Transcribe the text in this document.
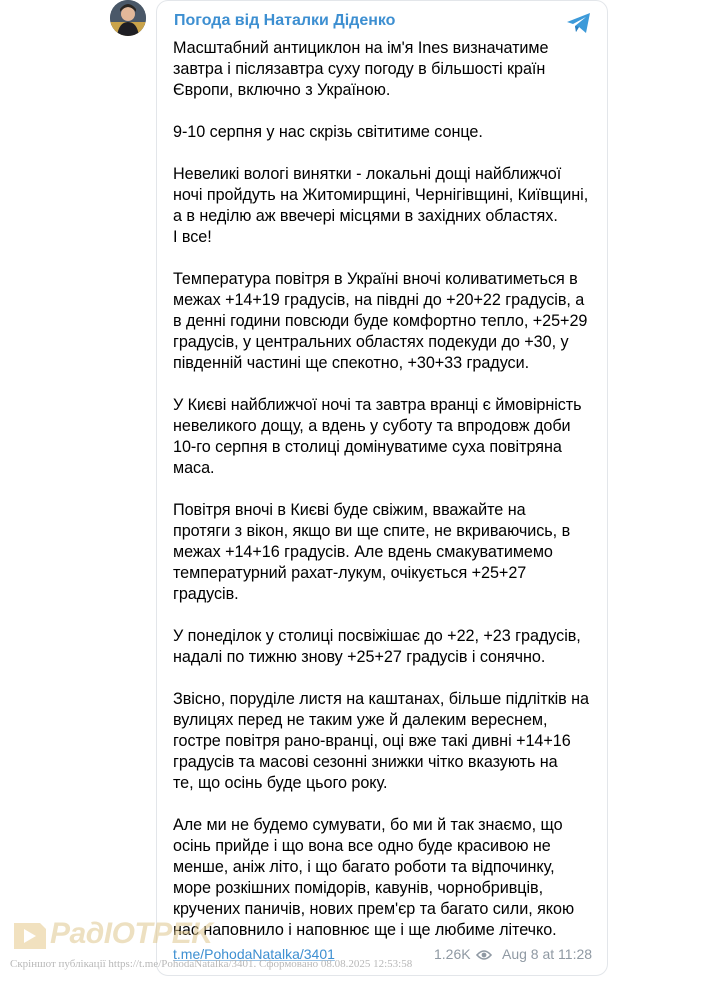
Погода від Наталки Діденко

Масштабний антициклон на ім'я Ines визначатиме
завтра і післязавтра суху погоду в більшості країн
Європи, включно з Україною.

9-10 серпня у нас скрізь світитиме сонце.

Невеликі вологі винятки - локальні дощі найближчої
ночі пройдуть на Житомирщині, Чернігівщині, Київщині,
а в неділю аж ввечері місцями в західних областях.
І все!

Температура повітря в Україні вночі коливатиметься в
межах +14+19 градусів, на півдні до +20+22 градусів, а
в денні години повсюди буде комфортно тепло, +25+29
градусів, у центральних областях подекуди до +30, у
південній частині ще спекотно, +30+33 градуси.

У Києві найближчої ночі та завтра вранці є ймовірність
невеликого дощу, а вдень у суботу та впродовж доби
10-го серпня в столиці домінуватиме суха повітряна
маса.

Повітря вночі в Києві буде свіжим, вважайте на
протяги з вікон, якщо ви ще спите, не вкриваючись, в
межах +14+16 градусів. Але вдень смакуватимемо
температурний рахат-лукум, очікується +25+27
градусів.

У понеділок у столиці посвіжішає до +22, +23 градусів,
надалі по тижню знову +25+27 градусів і сонячно.

Звісно, поруділе листя на каштанах, більше підлітків на
вулицях перед не таким уже й далеким вереснем,
гостре повітря рано-вранці, оці вже такі дивні +14+16
градусів та масові сезонні знижки чітко вказують на
те, що осінь буде цього року.

Але ми не будемо сумувати, бо ми й так знаємо, що
осінь прийде і що вона все одно буде красивою не
менше, аніж літо, і що багато роботи та відпочинку,
море розкішних помідорів, кавунів, чорнобривців,
кручених паничів, нових прем'єр та багато сили, якою
нас наповнило і наповнює ще і ще любиме літечко.

t.me/PohodaNatalka/3401	1.26K Aug 8 at 11:28
PaдIOTPEK
Скріншот публікації https://t.me/PohodaNatalka/3401. Сформовано 08.08.2025 12:53:58
